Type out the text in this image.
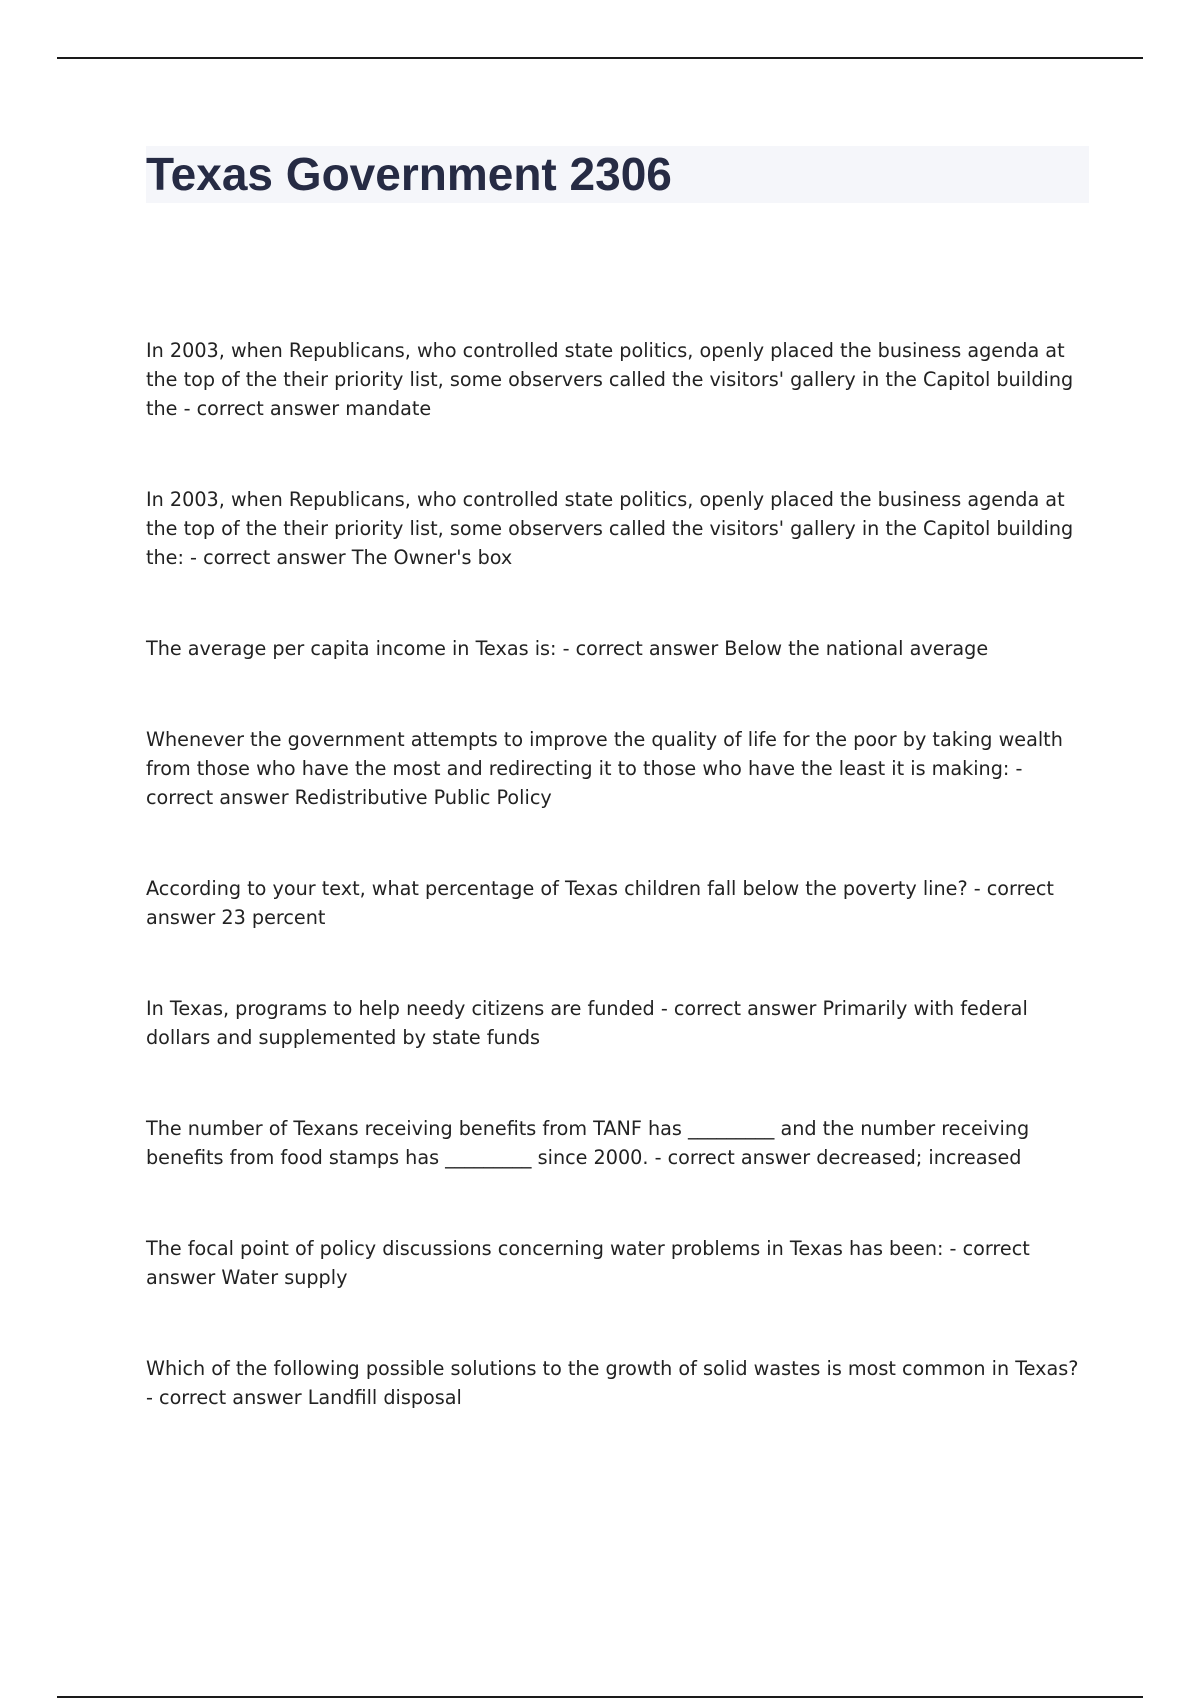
Texas Government 2306

In 2003, when Republicans, who controlled state politics, openly placed the business agenda at the top of the their priority list, some observers called the visitors' gallery in the Capitol building the - correct answer mandate

In 2003, when Republicans, who controlled state politics, openly placed the business agenda at the top of the their priority list, some observers called the visitors' gallery in the Capitol building the: - correct answer The Owner's box

The average per capita income in Texas is: - correct answer Below the national average

Whenever the government attempts to improve the quality of life for the poor by taking wealth from those who have the most and redirecting it to those who have the least it is making: - correct answer Redistributive Public Policy

According to your text, what percentage of Texas children fall below the poverty line? - correct answer 23 percent

In Texas, programs to help needy citizens are funded - correct answer Primarily with federal dollars and supplemented by state funds

The number of Texans receiving benefits from TANF has _________ and the number receiving benefits from food stamps has _________ since 2000. - correct answer decreased; increased

The focal point of policy discussions concerning water problems in Texas has been: - correct answer Water supply

Which of the following possible solutions to the growth of solid wastes is most common in Texas? - correct answer Landfill disposal
